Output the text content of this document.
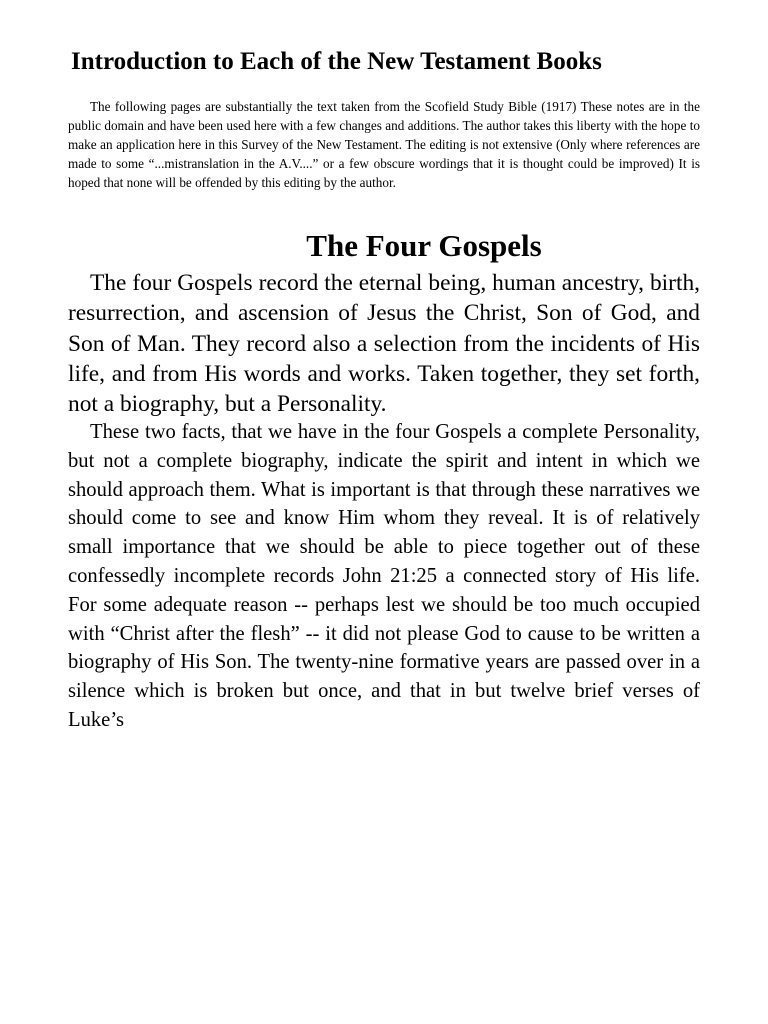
Introduction to Each of the New Testament Books

The following pages are substantially the text taken from the Scofield Study Bible (1917) These notes are in the public domain and have been used here with a few changes and additions. The author takes this liberty with the hope to make an application here in this Survey of the New Testament. The editing is not extensive (Only where references are made to some “...mistranslation in the A.V....” or a few obscure wordings that it is thought could be improved) It is hoped that none will be offended by this editing by the author.

The Four Gospels

The four Gospels record the eternal being, human ancestry, birth, resurrection, and ascension of Jesus the Christ, Son of God, and Son of Man. They record also a selection from the incidents of His life, and from His words and works. Taken together, they set forth, not a biography, but a Personality.

These two facts, that we have in the four Gospels a complete Personality, but not a complete biography, indicate the spirit and intent in which we should approach them. What is important is that through these narratives we should come to see and know Him whom they reveal. It is of relatively small importance that we should be able to piece together out of these confessedly incomplete records John 21:25 a connected story of His life. For some adequate reason -- perhaps lest we should be too much occupied with “Christ after the flesh” -- it did not please God to cause to be written a biography of His Son. The twenty-nine formative years are passed over in a silence which is broken but once, and that in but twelve brief verses of Luke’s
